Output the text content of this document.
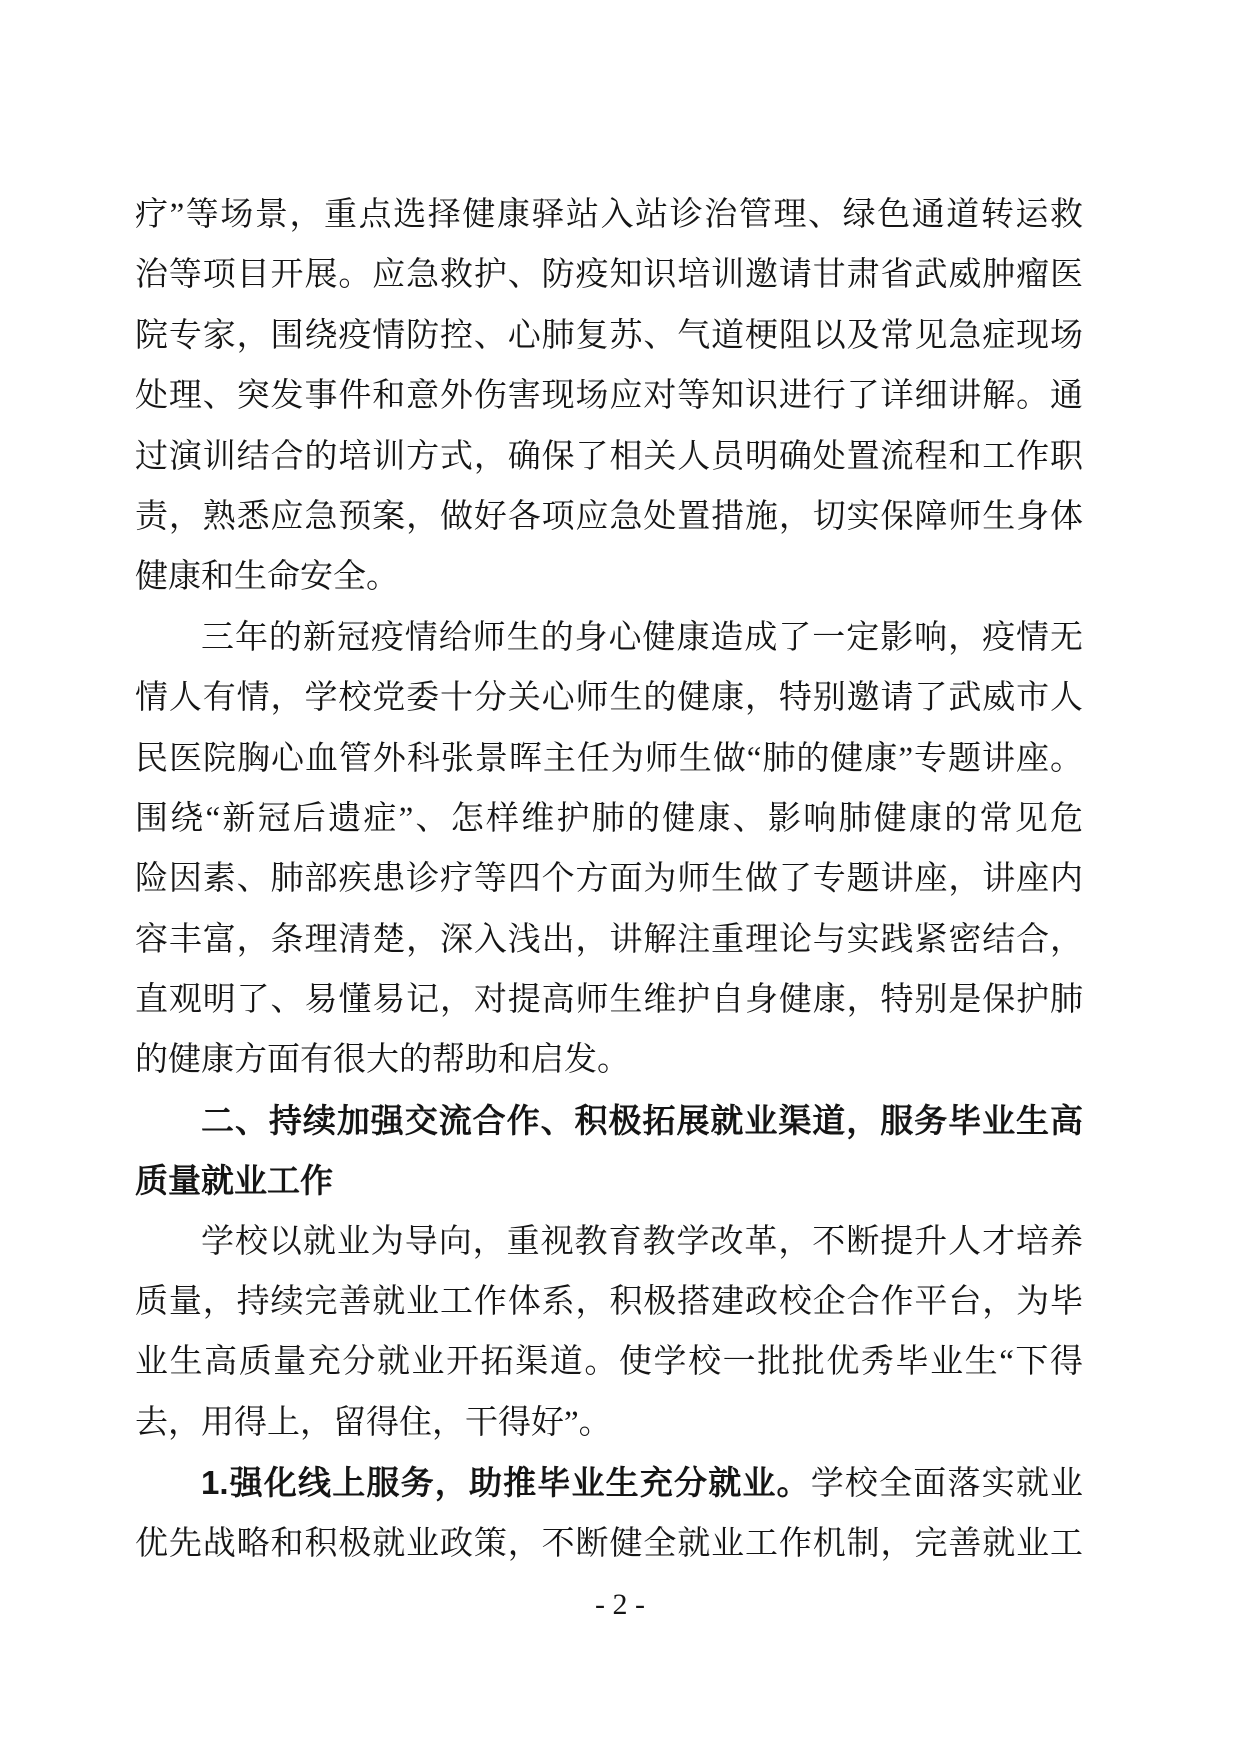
疗”等场景，重点选择健康驿站入站诊治管理、绿色通道转运救
治等项目开展。应急救护、防疫知识培训邀请甘肃省武威肿瘤医
院专家，围绕疫情防控、心肺复苏、气道梗阻以及常见急症现场
处理、突发事件和意外伤害现场应对等知识进行了详细讲解。通
过演训结合的培训方式，确保了相关人员明确处置流程和工作职
责，熟悉应急预案，做好各项应急处置措施，切实保障师生身体
健康和生命安全。
三年的新冠疫情给师生的身心健康造成了一定影响，疫情无
情人有情，学校党委十分关心师生的健康，特别邀请了武威市人
民医院胸心血管外科张景晖主任为师生做“肺的健康”专题讲座。
围绕“新冠后遗症”、怎样维护肺的健康、影响肺健康的常见危
险因素、肺部疾患诊疗等四个方面为师生做了专题讲座，讲座内
容丰富，条理清楚，深入浅出，讲解注重理论与实践紧密结合，
直观明了、易懂易记，对提高师生维护自身健康，特别是保护肺
的健康方面有很大的帮助和启发。
二、持续加强交流合作、积极拓展就业渠道，服务毕业生高
质量就业工作
学校以就业为导向，重视教育教学改革，不断提升人才培养
质量，持续完善就业工作体系，积极搭建政校企合作平台，为毕
业生高质量充分就业开拓渠道。使学校一批批优秀毕业生“下得
去，用得上，留得住，干得好”。
1.强化线上服务，助推毕业生充分就业。学校全面落实就业
优先战略和积极就业政策，不断健全就业工作机制，完善就业工
- 2 -
